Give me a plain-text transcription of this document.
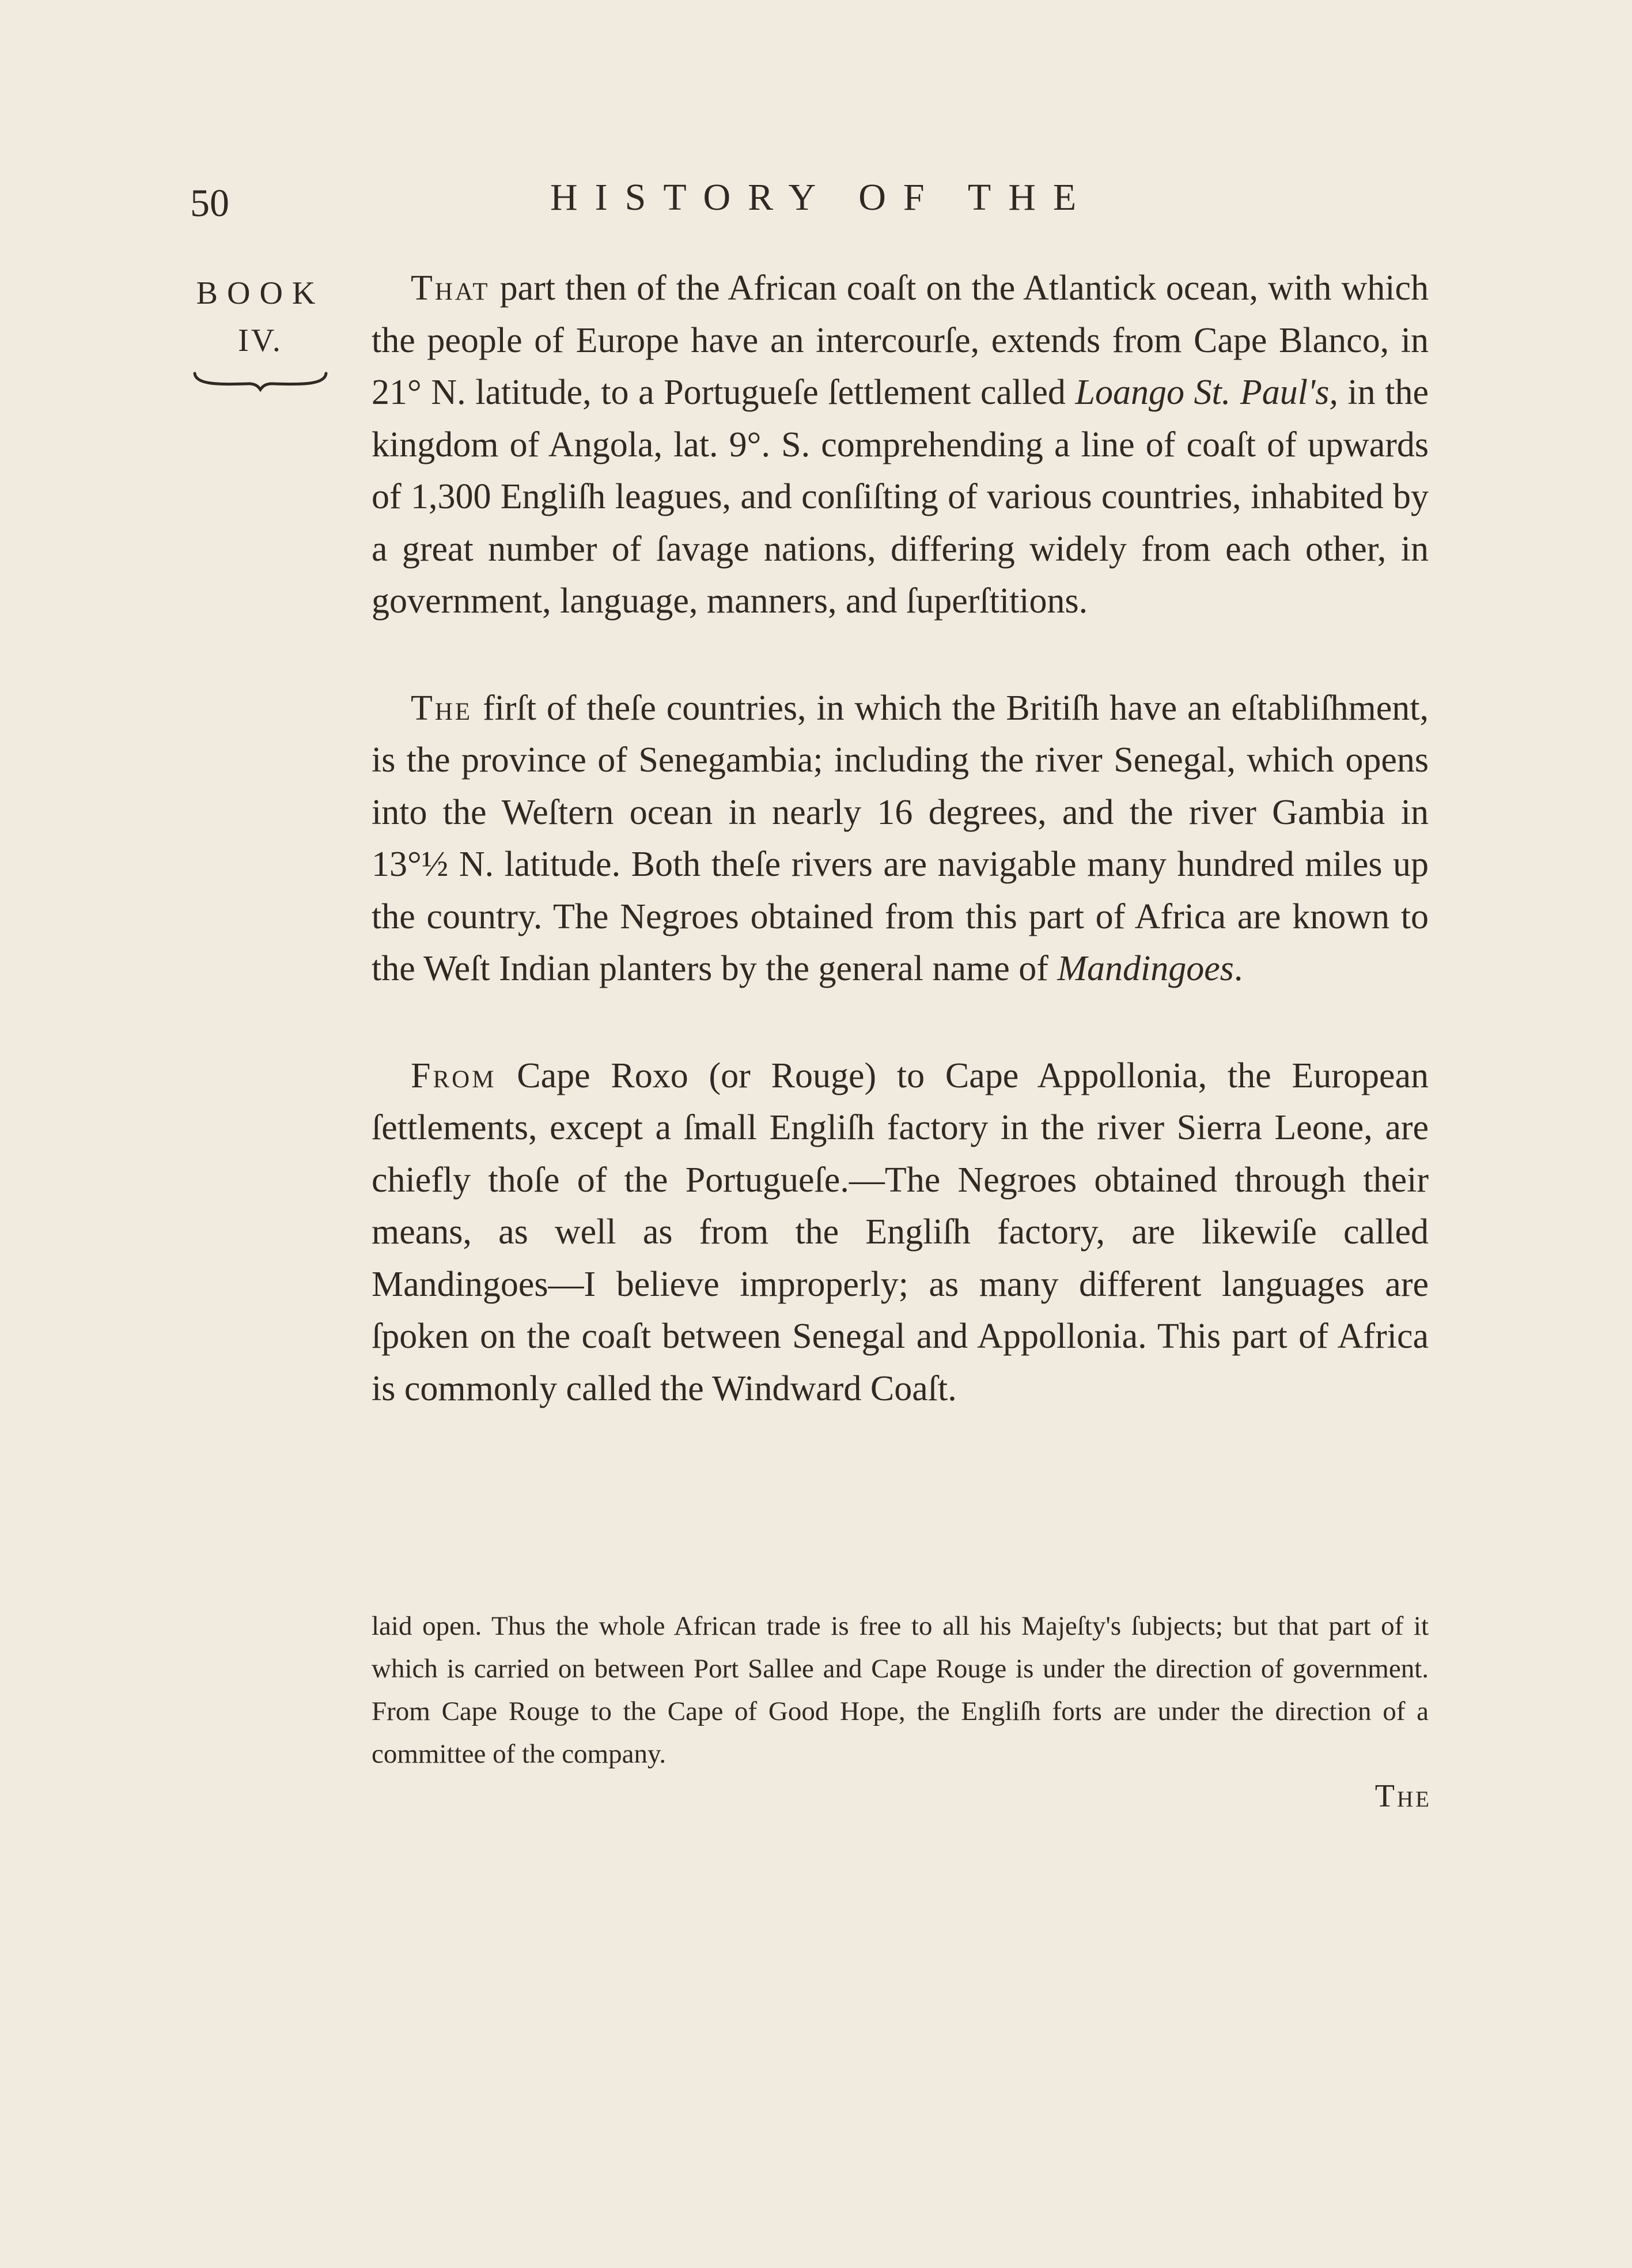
50	HISTORY OF THE
BOOK
IV.

That part then of the African coaſt on the Atlantick ocean, with which the people of Europe have an intercourſe, extends from Cape Blanco, in 21° N. latitude, to a Portugueſe ſettlement called Loango St. Paul's, in the kingdom of Angola, lat. 9°. S. comprehending a line of coaſt of upwards of 1,300 Engliſh leagues, and conſiſting of various countries, inhabited by a great number of ſavage nations, differing widely from each other, in government, language, manners, and ſuperſtitions.

The firſt of theſe countries, in which the Britiſh have an eſtabliſhment, is the province of Senegambia; including the river Senegal, which opens into the Weſtern ocean in nearly 16 degrees, and the river Gambia in 13°½ N. latitude. Both theſe rivers are navigable many hundred miles up the country. The Negroes obtained from this part of Africa are known to the Weſt Indian planters by the general name of Mandingoes.

From Cape Roxo (or Rouge) to Cape Appollonia, the European ſettlements, except a ſmall Engliſh factory in the river Sierra Leone, are chiefly thoſe of the Portugueſe.—The Negroes obtained through their means, as well as from the Engliſh factory, are likewiſe called Mandingoes—I believe improperly; as many different languages are ſpoken on the coaſt between Senegal and Appollonia. This part of Africa is commonly called the Windward Coaſt.

laid open. Thus the whole African trade is free to all his Majeſty's ſubjects; but that part of it which is carried on between Port Sallee and Cape Rouge is under the direction of government. From Cape Rouge to the Cape of Good Hope, the Engliſh forts are under the direction of a committee of the company.

The
